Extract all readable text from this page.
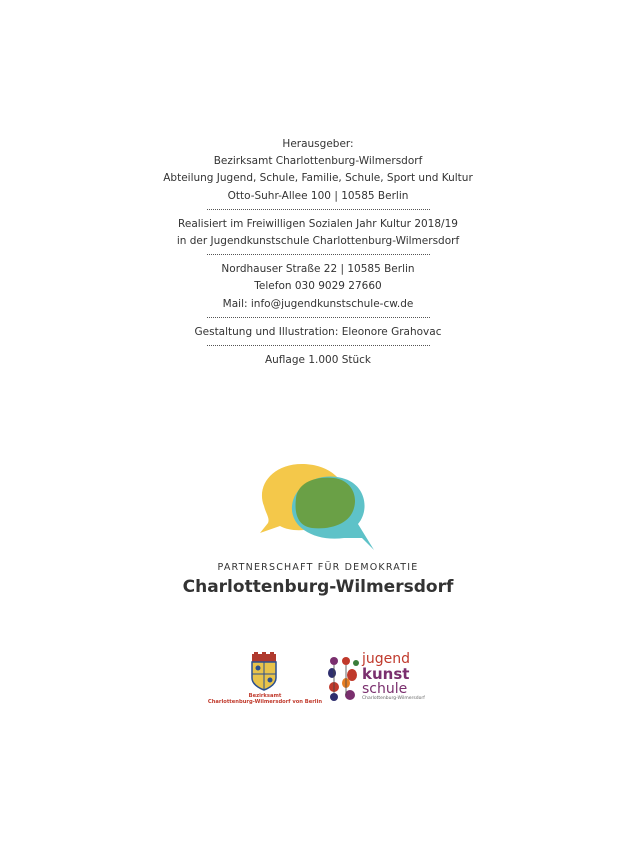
Herausgeber:
Bezirksamt Charlottenburg-Wilmersdorf
Abteilung Jugend, Schule, Familie, Schule, Sport und Kultur
Otto-Suhr-Allee 100 | 10585 Berlin
Realisiert im Freiwilligen Sozialen Jahr Kultur 2018/19
in der Jugendkunstschule Charlottenburg-Wilmersdorf
Nordhauser Straße 22 | 10585 Berlin
Telefon 030 9029 27660
Mail: info@jugendkunstschule-cw.de
Gestaltung und Illustration: Eleonore Grahovac
Auflage 1.000 Stück
PARTNERSCHAFT FÜR DEMOKRATIE
Charlottenburg-Wilmersdorf
Bezirksamt
Charlottenburg-Wilmersdorf von Berlin
jugend
kunst
schule
Charlottenburg-Wilmersdorf
